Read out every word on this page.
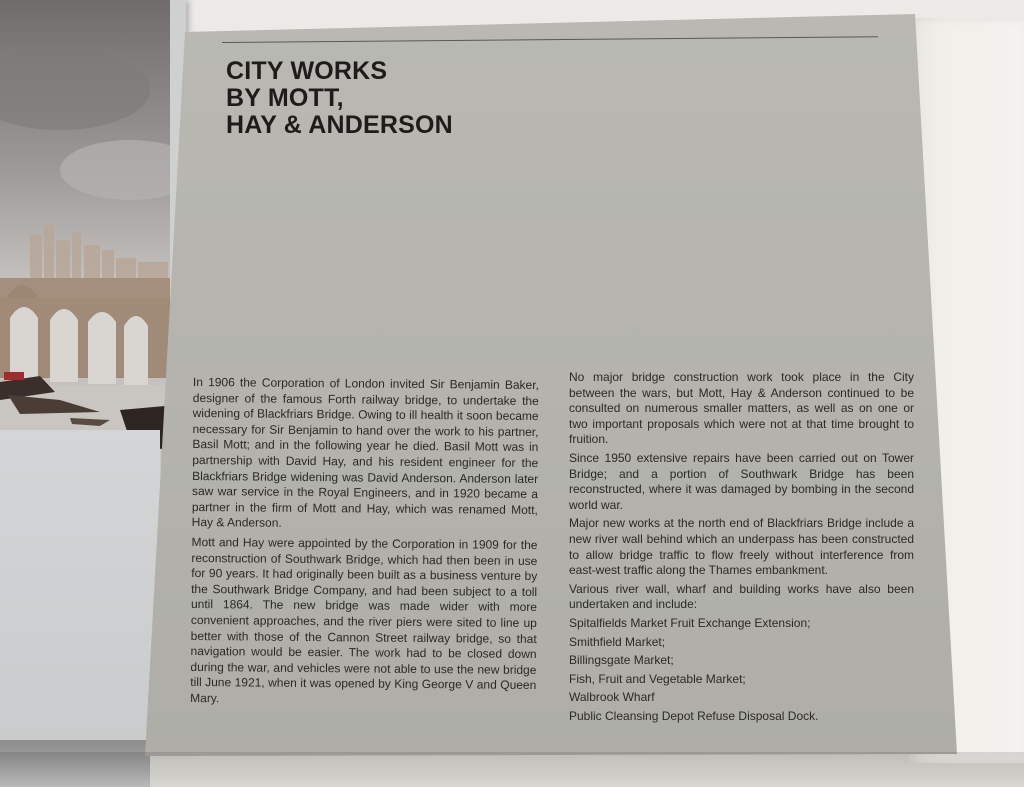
CITY WORKS
BY MOTT,
HAY & ANDERSON

In 1906 the Corporation of London invited Sir Benjamin Baker, designer of the famous Forth railway bridge, to undertake the widening of Blackfriars Bridge. Owing to ill health it soon became necessary for Sir Benjamin to hand over the work to his partner, Basil Mott; and in the following year he died. Basil Mott was in partnership with David Hay, and his resident engineer for the Blackfriars Bridge widening was David Anderson. Anderson later saw war service in the Royal Engineers, and in 1920 became a partner in the firm of Mott and Hay, which was renamed Mott, Hay & Anderson.

Mott and Hay were appointed by the Corporation in 1909 for the reconstruction of Southwark Bridge, which had then been in use for 90 years. It had originally been built as a business venture by the Southwark Bridge Company, and had been subject to a toll until 1864. The new bridge was made wider with more convenient approaches, and the river piers were sited to line up better with those of the Cannon Street railway bridge, so that navigation would be easier. The work had to be closed down during the war, and vehicles were not able to use the new bridge till June 1921, when it was opened by King George V and Queen Mary.

No major bridge construction work took place in the City between the wars, but Mott, Hay & Anderson continued to be consulted on numerous smaller matters, as well as on one or two important proposals which were not at that time brought to fruition.

Since 1950 extensive repairs have been carried out on Tower Bridge; and a portion of Southwark Bridge has been reconstructed, where it was damaged by bombing in the second world war.

Major new works at the north end of Blackfriars Bridge include a new river wall behind which an underpass has been constructed to allow bridge traffic to flow freely without interference from east-west traffic along the Thames embankment.

Various river wall, wharf and building works have also been undertaken and include:

Spitalfields Market Fruit Exchange Extension;
Smithfield Market;
Billingsgate Market;
Fish, Fruit and Vegetable Market;
Walbrook Wharf
Public Cleansing Depot Refuse Disposal Dock.
